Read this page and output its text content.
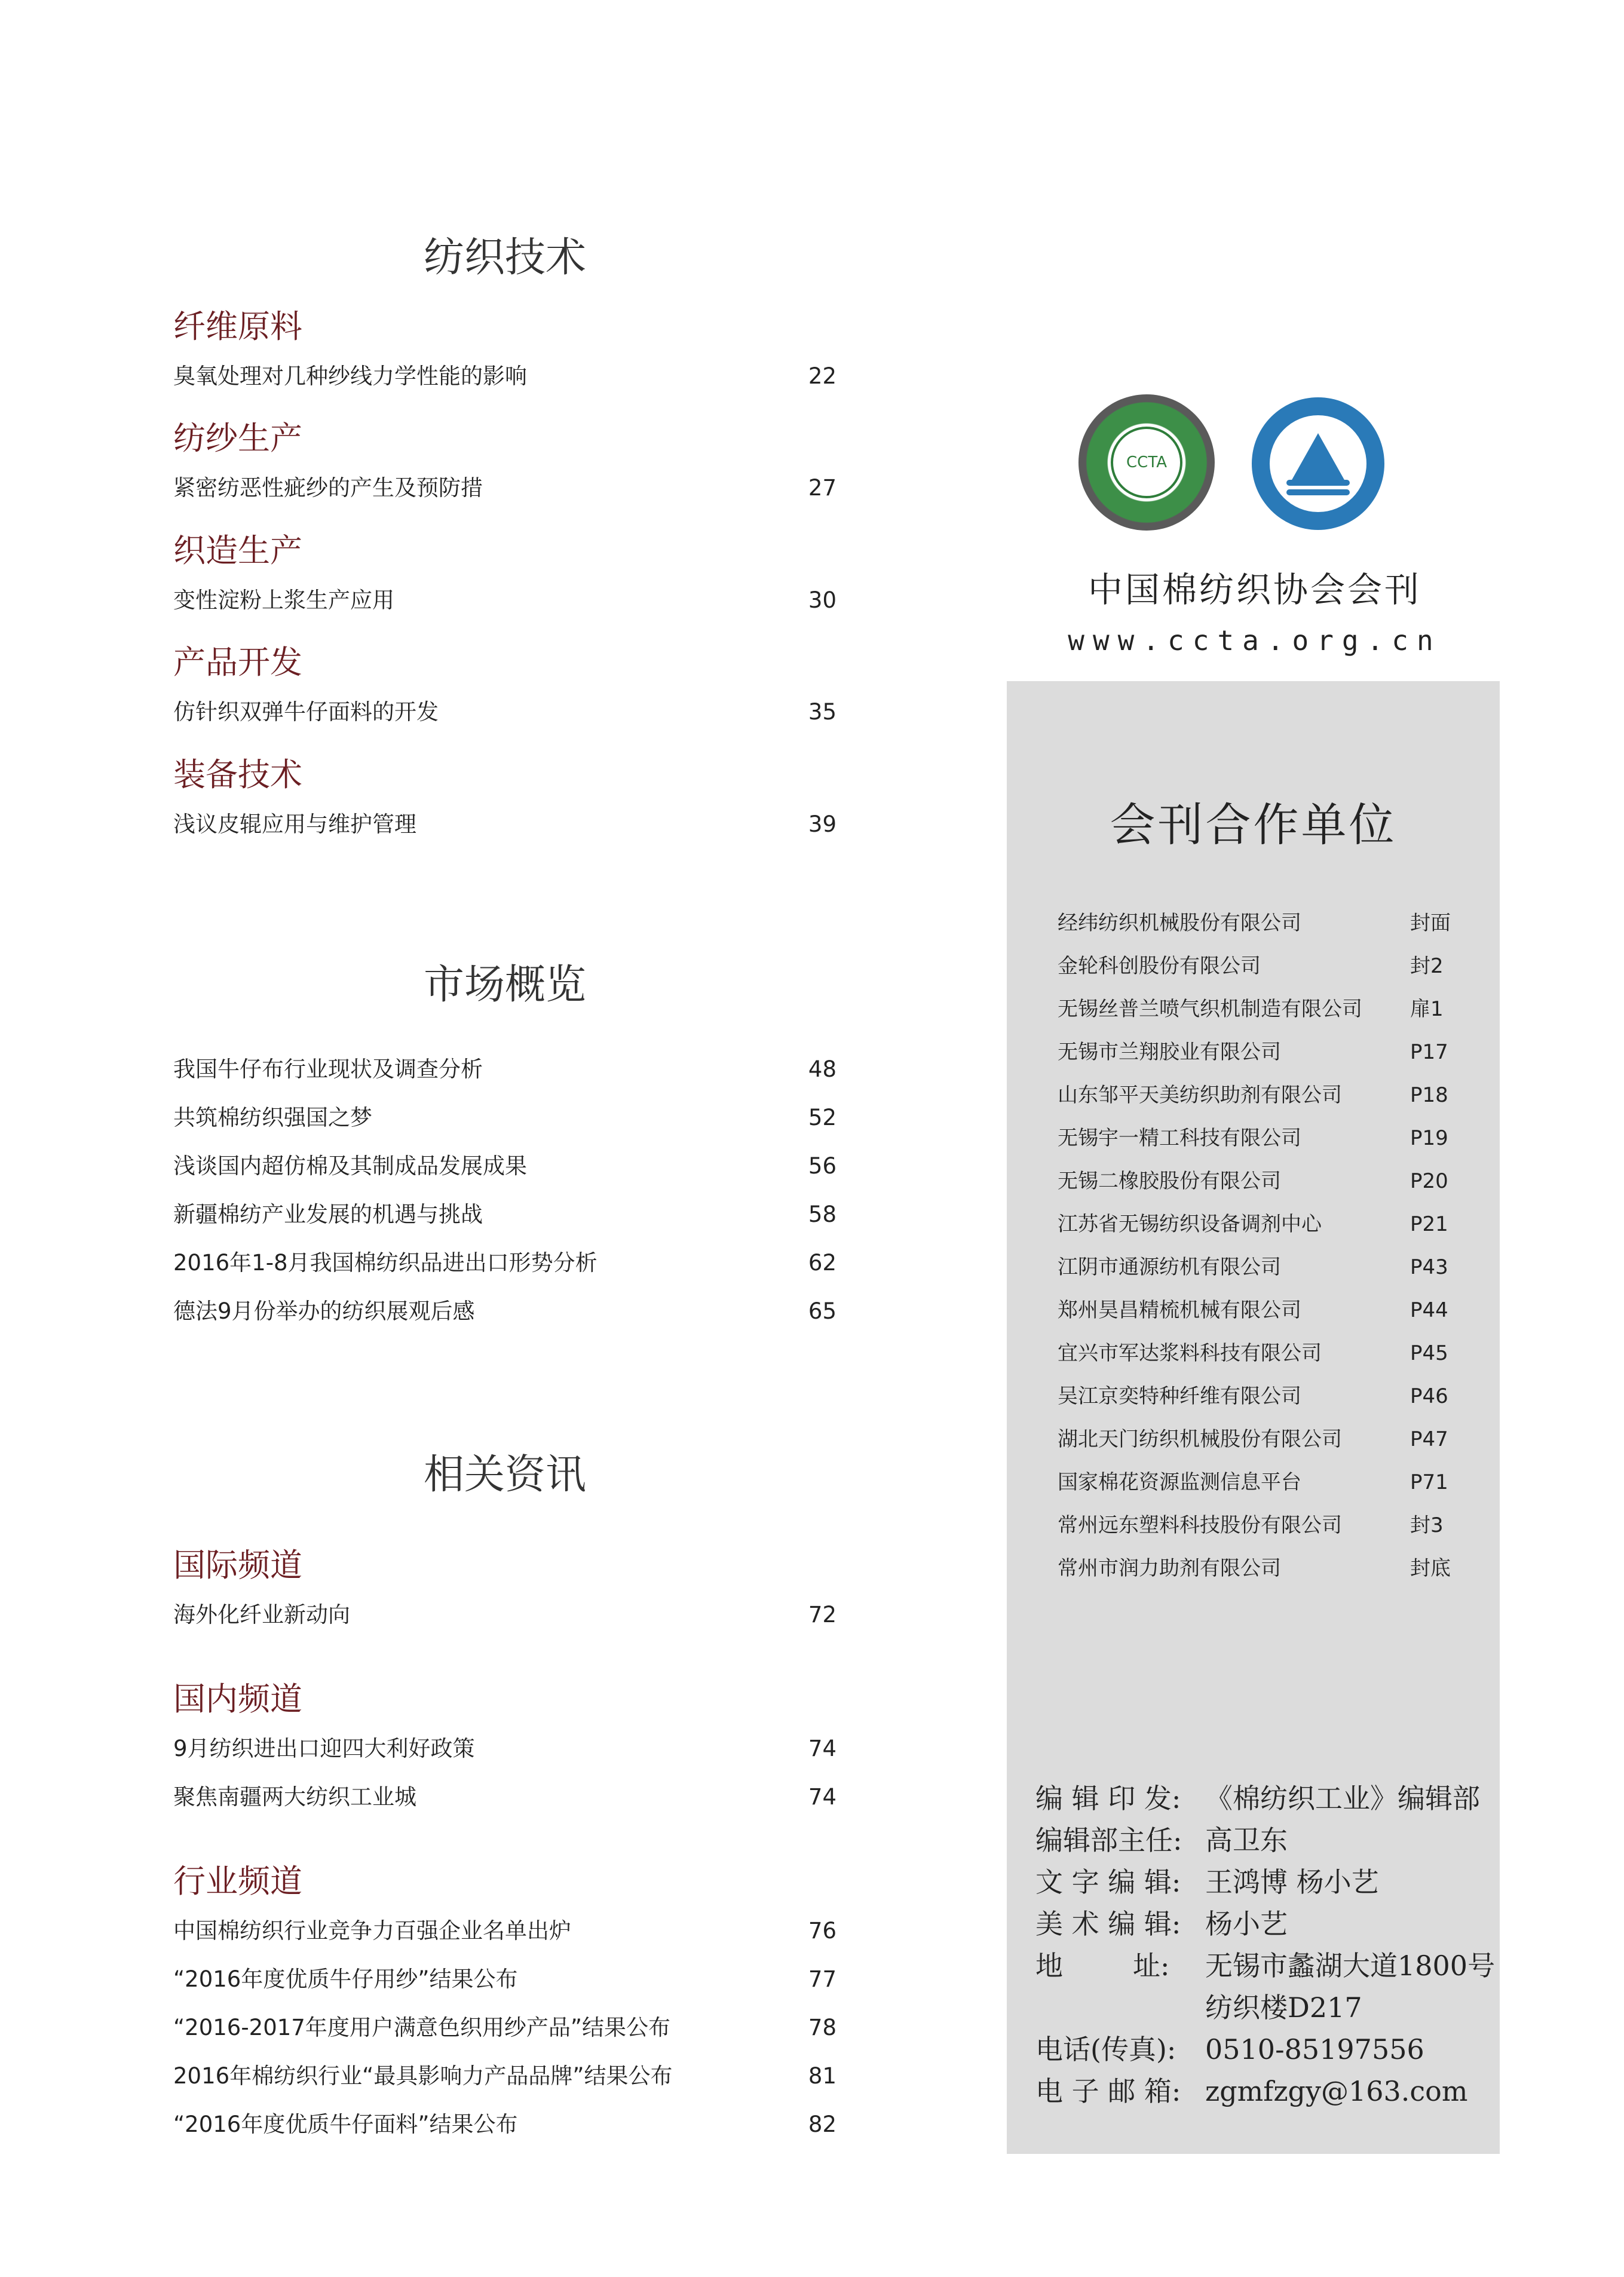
纺织技术
纤维原料
臭氧处理对几种纱线力学性能的影响	22
纺纱生产
紧密纺恶性疵纱的产生及预防措	27
织造生产
变性淀粉上浆生产应用	30
产品开发
仿针织双弹牛仔面料的开发	35
装备技术
浅议皮辊应用与维护管理	39
市场概览
我国牛仔布行业现状及调查分析	48
共筑棉纺织强国之梦	52
浅谈国内超仿棉及其制成品发展成果	56
新疆棉纺产业发展的机遇与挑战	58
2016年1-8月我国棉纺织品进出口形势分析	62
德法9月份举办的纺织展观后感	65
相关资讯
国际频道
海外化纤业新动向	72
国内频道
9月纺织进出口迎四大利好政策	74
聚焦南疆两大纺织工业城	74
行业频道
中国棉纺织行业竞争力百强企业名单出炉	76
“2016年度优质牛仔用纱”结果公布	77
“2016-2017年度用户满意色织用纱产品”结果公布	78
2016年棉纺织行业“最具影响力产品品牌”结果公布	81
“2016年度优质牛仔面料”结果公布	82
CCTA
中国棉纺织协会会刊
www.ccta.org.cn
会刊合作单位
经纬纺织机械股份有限公司	封面
金轮科创股份有限公司	封2
无锡丝普兰喷气织机制造有限公司 扉1
无锡市兰翔胶业有限公司	P17
山东邹平天美纺织助剂有限公司	P18
无锡宇一精工科技有限公司	P19
无锡二橡胶股份有限公司	P20
江苏省无锡纺织设备调剂中心	P21
江阴市通源纺机有限公司	P43
郑州昊昌精梳机械有限公司	P44
宜兴市军达浆料科技有限公司	P45
吴江京奕特种纤维有限公司	P46
湖北天门纺织机械股份有限公司	P47
国家棉花资源监测信息平台	P71
常州远东塑料科技股份有限公司	封3
常州市润力助剂有限公司	封底
编 辑 印 发: 《棉纺织工业》编辑部
编辑部主任: 高卫东
文 字 编 辑: 王鸿博 杨小艺
美 术 编 辑: 杨小艺
地        址: 无锡市蠡湖大道1800号
纺织楼D217
电话(传真): 0510-85197556
电 子 邮 箱: zgmfzgy@163.com
